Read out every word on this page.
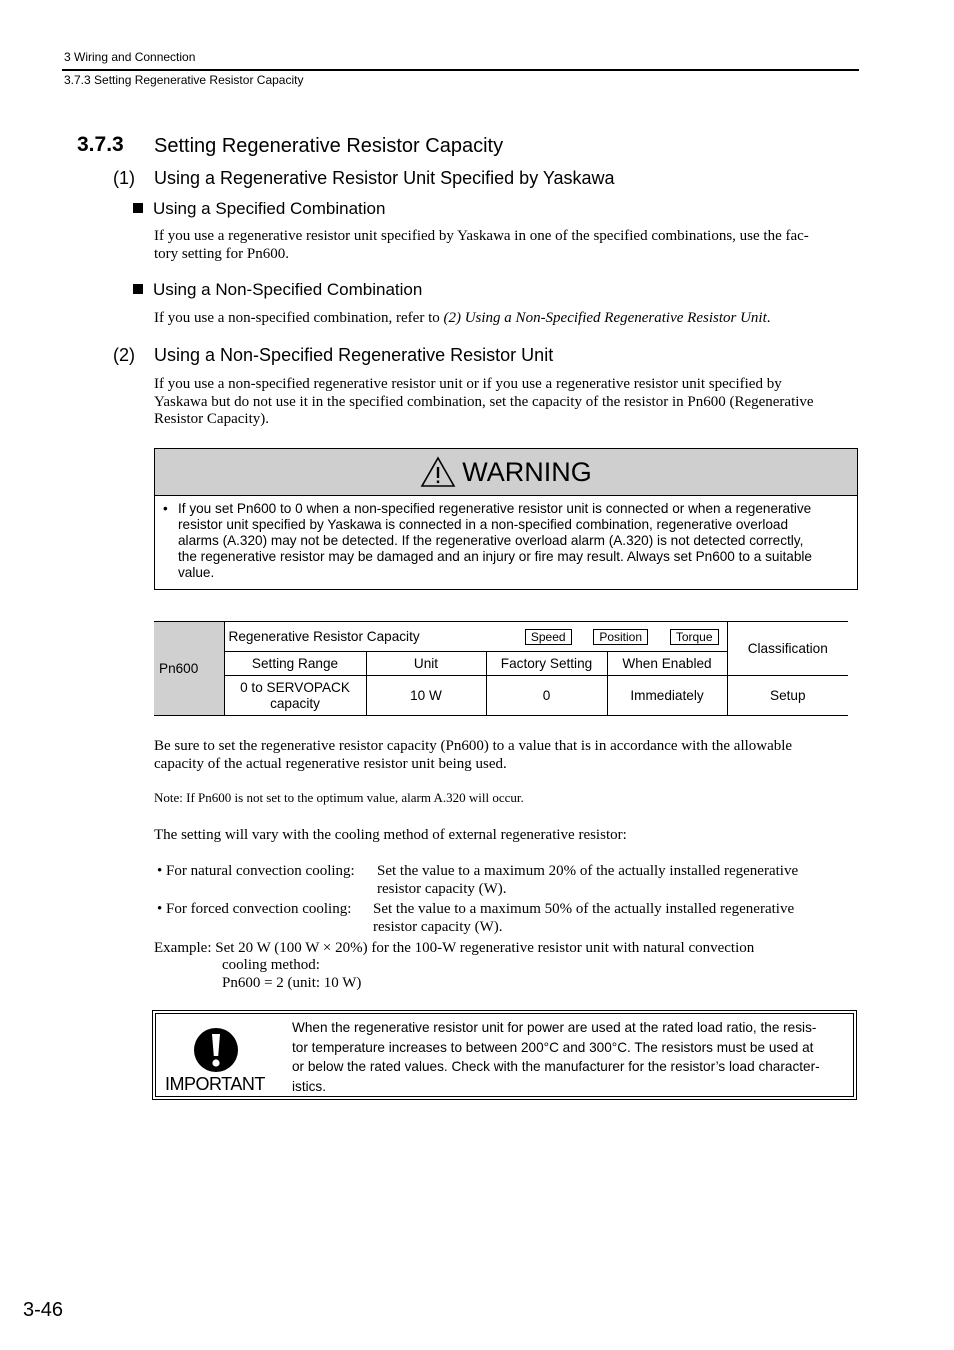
3 Wiring and Connection
3.7.3 Setting Regenerative Resistor Capacity
3.7.3 Setting Regenerative Resistor Capacity
(1) Using a Regenerative Resistor Unit Specified by Yaskawa
Using a Specified Combination
If you use a regenerative resistor unit specified by Yaskawa in one of the specified combinations, use the fac-
tory setting for Pn600.
Using a Non-Specified Combination
If you use a non-specified combination, refer to (2) Using a Non-Specified Regenerative Resistor Unit.
(2) Using a Non-Specified Regenerative Resistor Unit
If you use a non-specified regenerative resistor unit or if you use a regenerative resistor unit specified by
Yaskawa but do not use it in the specified combination, set the capacity of the resistor in Pn600 (Regenerative
Resistor Capacity).
WARNING
• If you set Pn600 to 0 when a non-specified regenerative resistor unit is connected or when a regenerative
resistor unit specified by Yaskawa is connected in a non-specified combination, regenerative overload
alarms (A.320) may not be detected. If the regenerative overload alarm (A.320) is not detected correctly,
the regenerative resistor may be damaged and an injury or fire may result. Always set Pn600 to a suitable
value.
Pn600	Regenerative Resistor Capacity Speed Position Torque				Classification
	Setting Range	Unit	Factory Setting	When Enabled	

	0 to SERVOPACK
capacity	10 W	0	Immediately	Setup
Be sure to set the regenerative resistor capacity (Pn600) to a value that is in accordance with the allowable
capacity of the actual regenerative resistor unit being used.
Note: If Pn600 is not set to the optimum value, alarm A.320 will occur.
The setting will vary with the cooling method of external regenerative resistor:
• For natural convection cooling: Set the value to a maximum 20% of the actually installed regenerative
resistor capacity (W).
• For forced convection cooling: Set the value to a maximum 50% of the actually installed regenerative
resistor capacity (W).
Example: Set 20 W (100 W × 20%) for the 100-W regenerative resistor unit with natural convection
cooling method:
Pn600 = 2 (unit: 10 W)
IMPORTANT
When the regenerative resistor unit for power are used at the rated load ratio, the resis-
tor temperature increases to between 200°C and 300°C. The resistors must be used at
or below the rated values. Check with the manufacturer for the resistor’s load character-
istics.
3-46
